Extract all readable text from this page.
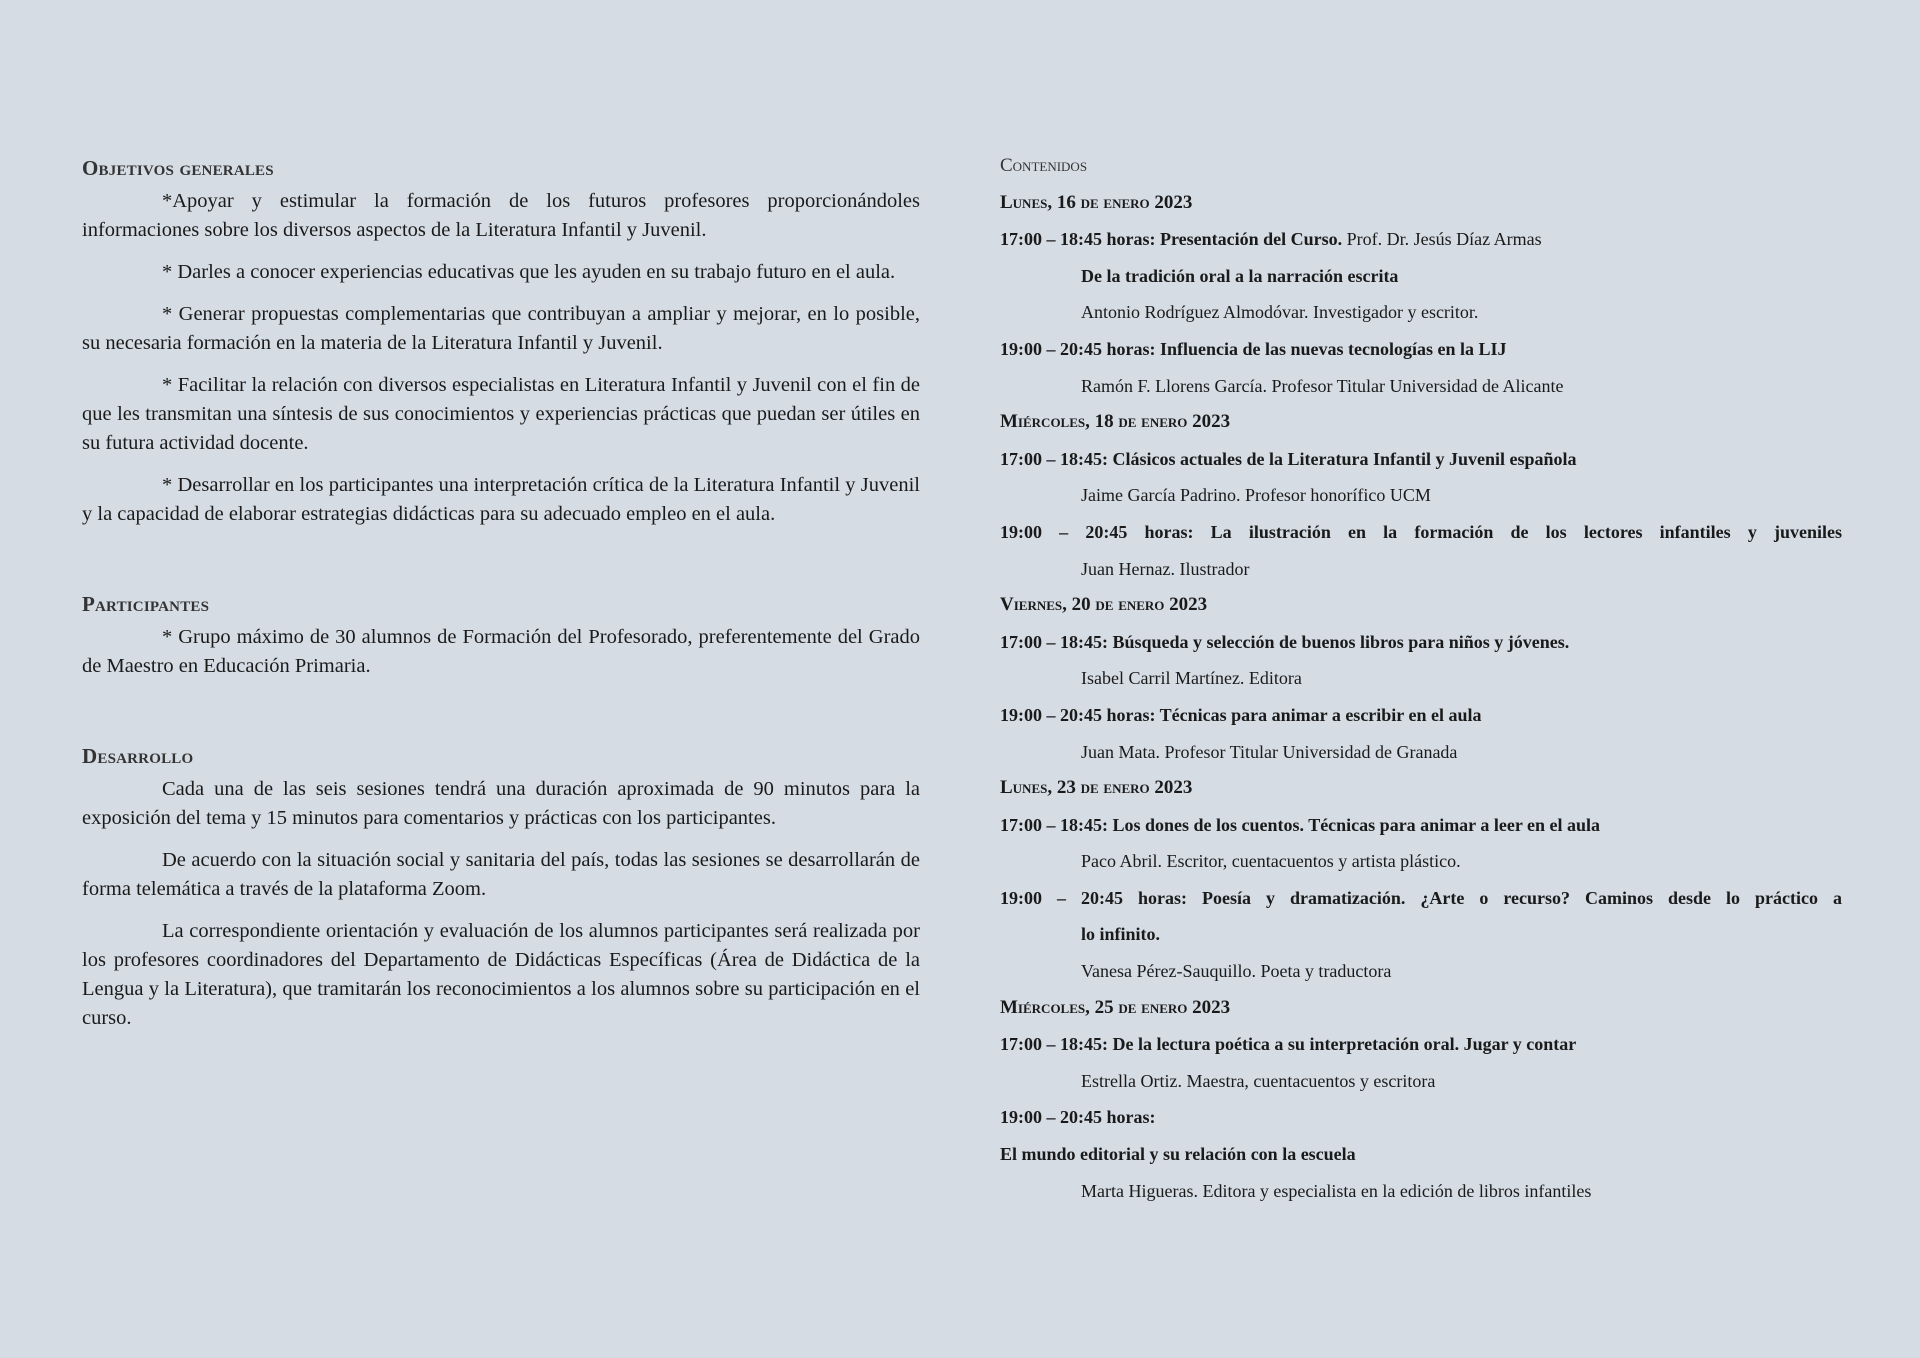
Objetivos generales

*Apoyar y estimular la formación de los futuros profesores proporcionándoles informaciones sobre los diversos aspectos de la Literatura Infantil y Juvenil.

* Darles a conocer experiencias educativas que les ayuden en su trabajo futuro en el aula.

* Generar propuestas complementarias que contribuyan a ampliar y mejorar, en lo posible, su necesaria formación en la materia de la Literatura Infantil y Juvenil.

* Facilitar la relación con diversos especialistas en Literatura Infantil y Juvenil con el fin de que les transmitan una síntesis de sus conocimientos y experiencias prácticas que puedan ser útiles en su futura actividad docente.

* Desarrollar en los participantes una interpretación crítica de la Literatura Infantil y Juvenil y la capacidad de elaborar estrategias didácticas para su adecuado empleo en el aula.

Participantes

* Grupo máximo de 30 alumnos de Formación del Profesorado, preferentemente del Grado de Maestro en Educación Primaria.

Desarrollo

Cada una de las seis sesiones tendrá una duración aproximada de 90 minutos para la exposición del tema y 15 minutos para comentarios y prácticas con los participantes.

De acuerdo con la situación social y sanitaria del país, todas las sesiones se desarrollarán de forma telemática a través de la plataforma Zoom.

La correspondiente orientación y evaluación de los alumnos participantes será realizada por los profesores coordinadores del Departamento de Didácticas Específicas (Área de Didáctica de la Lengua y la Literatura), que tramitarán los reconocimientos a los alumnos sobre su participación en el curso.

Contenidos
Lunes, 16 de enero 2023
17:00 – 18:45 horas: Presentación del Curso. Prof. Dr. Jesús Díaz Armas
De la tradición oral a la narración escrita
Antonio Rodríguez Almodóvar. Investigador y escritor.
19:00 – 20:45 horas: Influencia de las nuevas tecnologías en la LIJ
Ramón F. Llorens García. Profesor Titular Universidad de Alicante
Miércoles, 18 de enero 2023
17:00 – 18:45: Clásicos actuales de la Literatura Infantil y Juvenil española
Jaime García Padrino. Profesor honorífico UCM
19:00 – 20:45 horas: La ilustración en la formación de los lectores infantiles y juveniles
Juan Hernaz. Ilustrador
Viernes, 20 de enero 2023
17:00 – 18:45: Búsqueda y selección de buenos libros para niños y jóvenes.
Isabel Carril Martínez. Editora
19:00 – 20:45 horas: Técnicas para animar a escribir en el aula
Juan Mata. Profesor Titular Universidad de Granada
Lunes, 23 de enero 2023
17:00 – 18:45: Los dones de los cuentos. Técnicas para animar a leer en el aula
Paco Abril. Escritor, cuentacuentos y artista plástico.
19:00 – 20:45 horas: Poesía y dramatización. ¿Arte o recurso? Caminos desde lo práctico a
lo infinito.
Vanesa Pérez-Sauquillo. Poeta y traductora
Miércoles, 25 de enero 2023
17:00 – 18:45: De la lectura poética a su interpretación oral. Jugar y contar
Estrella Ortiz. Maestra, cuentacuentos y escritora
19:00 – 20:45 horas:
El mundo editorial y su relación con la escuela
Marta Higueras. Editora y especialista en la edición de libros infantiles
